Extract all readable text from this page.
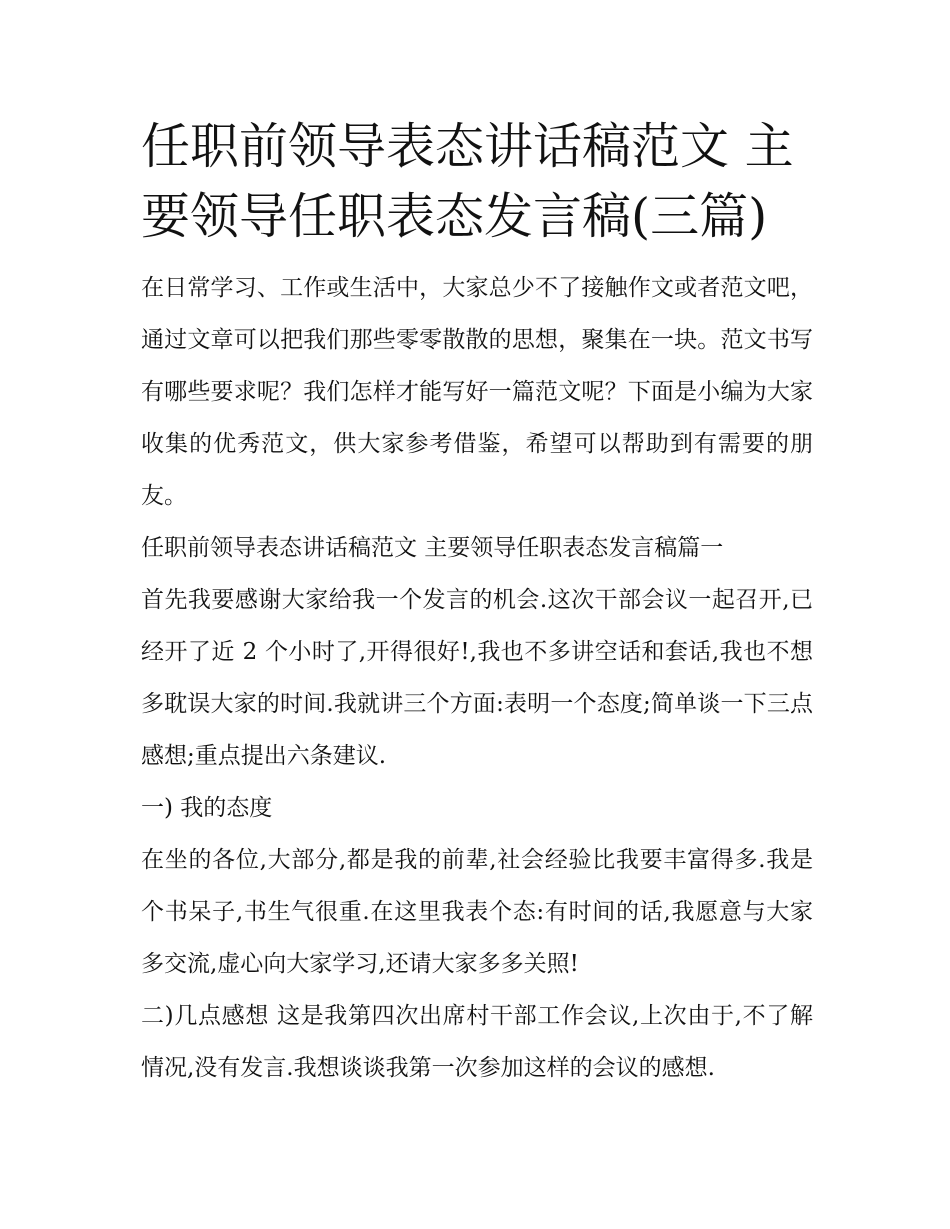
任职前领导表态讲话稿范文 主要领导任职表态发言稿(三篇)

在日常学习、工作或生活中，大家总少不了接触作文或者范文吧，通过文章可以把我们那些零零散散的思想，聚集在一块。范文书写有哪些要求呢？我们怎样才能写好一篇范文呢？下面是小编为大家收集的优秀范文，供大家参考借鉴，希望可以帮助到有需要的朋友。

任职前领导表态讲话稿范文 主要领导任职表态发言稿篇一

首先我要感谢大家给我一个发言的机会.这次干部会议一起召开,已经开了近 2 个小时了,开得很好!,我也不多讲空话和套话,我也不想多耽误大家的时间.我就讲三个方面:表明一个态度;简单谈一下三点感想;重点提出六条建议.

一) 我的态度

在坐的各位,大部分,都是我的前辈,社会经验比我要丰富得多.我是个书呆子,书生气很重.在这里我表个态:有时间的话,我愿意与大家多交流,虚心向大家学习,还请大家多多关照!

二)几点感想 这是我第四次出席村干部工作会议,上次由于,不了解情况,没有发言.我想谈谈我第一次参加这样的会议的感想.
